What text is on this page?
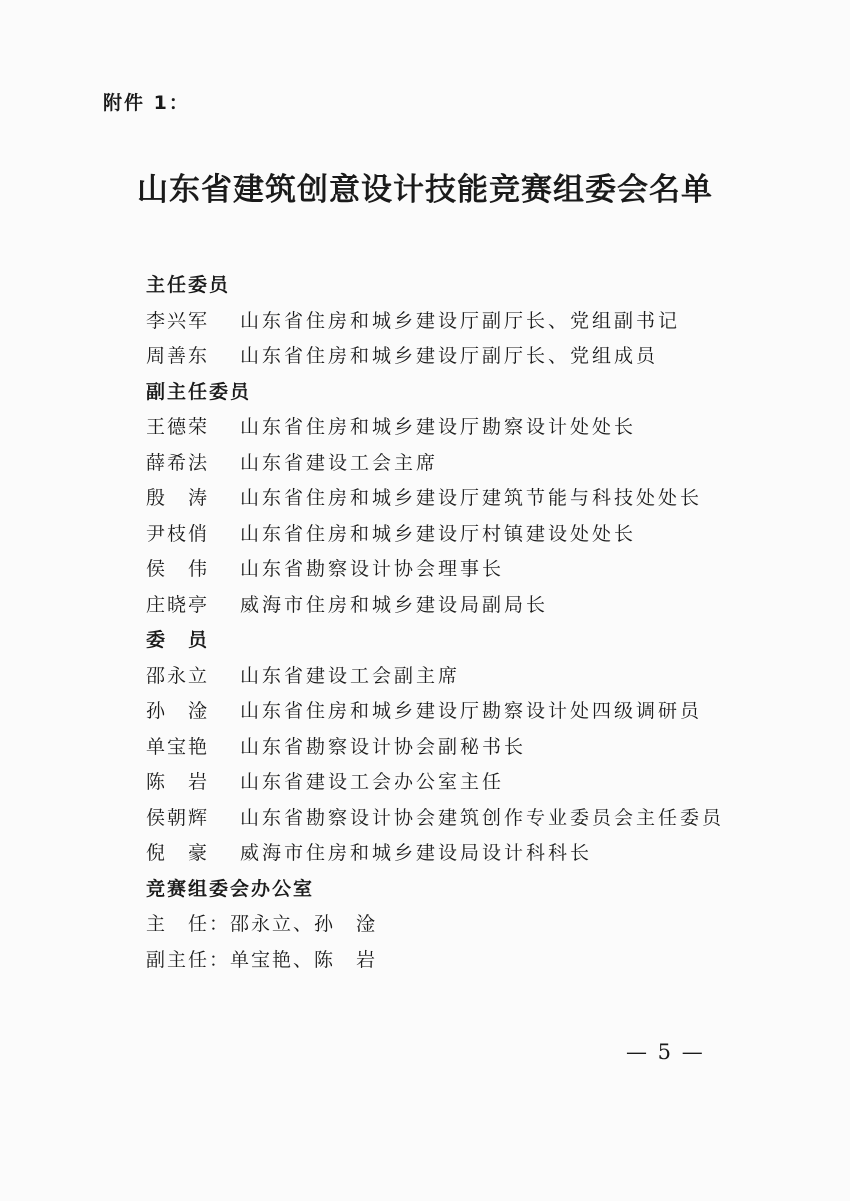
附件 1：
山东省建筑创意设计技能竞赛组委会名单
主任委员
李兴军	山东省住房和城乡建设厅副厅长、党组副书记
周善东	山东省住房和城乡建设厅副厅长、党组成员
副主任委员
王德荣	山东省住房和城乡建设厅勘察设计处处长
薛希法	山东省建设工会主席
殷　涛	山东省住房和城乡建设厅建筑节能与科技处处长
尹枝俏	山东省住房和城乡建设厅村镇建设处处长
侯　伟	山东省勘察设计协会理事长
庄晓亭	威海市住房和城乡建设局副局长
委　员
邵永立	山东省建设工会副主席
孙　淦	山东省住房和城乡建设厅勘察设计处四级调研员
单宝艳	山东省勘察设计协会副秘书长
陈　岩	山东省建设工会办公室主任
侯朝辉	山东省勘察设计协会建筑创作专业委员会主任委员
倪　豪	威海市住房和城乡建设局设计科科长
竞赛组委会办公室
主　任：邵永立、孙　淦
副主任：单宝艳、陈　岩
— 5 —
